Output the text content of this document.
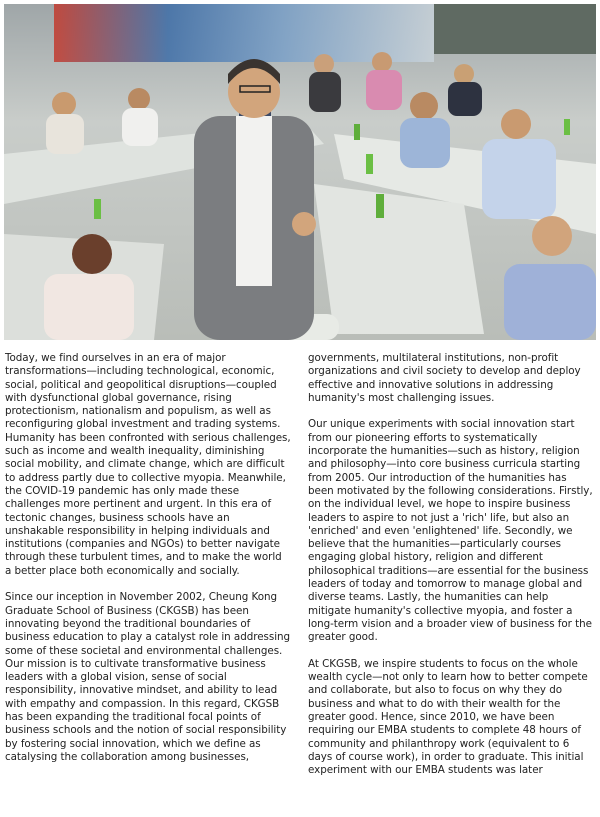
Today, we find ourselves in an era of major transformations—including technological, economic, social, political and geopolitical disruptions—coupled with dysfunctional global governance, rising protectionism, nationalism and populism, as well as reconfiguring global investment and trading systems. Humanity has been confronted with serious challenges, such as income and wealth inequality, diminishing social mobility, and climate change, which are difficult to address partly due to collective myopia. Meanwhile, the COVID-19 pandemic has only made these challenges more pertinent and urgent. In this era of tectonic changes, business schools have an unshakable responsibility in helping individuals and institutions (companies and NGOs) to better navigate through these turbulent times, and to make the world a better place both economically and socially.

Since our inception in November 2002, Cheung Kong Graduate School of Business (CKGSB) has been innovating beyond the traditional boundaries of business education to play a catalyst role in addressing some of these societal and environmental challenges. Our mission is to cultivate transformative business leaders with a global vision, sense of social responsibility, innovative mindset, and ability to lead with empathy and compassion. In this regard, CKGSB has been expanding the traditional focal points of business schools and the notion of social responsibility by fostering social innovation, which we define as catalysing the collaboration among businesses,

governments, multilateral institutions, non-profit organizations and civil society to develop and deploy effective and innovative solutions in addressing humanity's most challenging issues.

Our unique experiments with social innovation start from our pioneering efforts to systematically incorporate the humanities—such as history, religion and philosophy—into core business curricula starting from 2005. Our introduction of the humanities has been motivated by the following considerations. Firstly, on the individual level, we hope to inspire business leaders to aspire to not just a 'rich' life, but also an 'enriched' and even 'enlightened' life. Secondly, we believe that the humanities—particularly courses engaging global history, religion and different philosophical traditions—are essential for the business leaders of today and tomorrow to manage global and diverse teams. Lastly, the humanities can help mitigate humanity's collective myopia, and foster a long-term vision and a broader view of business for the greater good.

At CKGSB, we inspire students to focus on the whole wealth cycle—not only to learn how to better compete and collaborate, but also to focus on why they do business and what to do with their wealth for the greater good. Hence, since 2010, we have been requiring our EMBA students to complete 48 hours of community and philanthropy work (equivalent to 6 days of course work), in order to graduate. This initial experiment with our EMBA students was later
